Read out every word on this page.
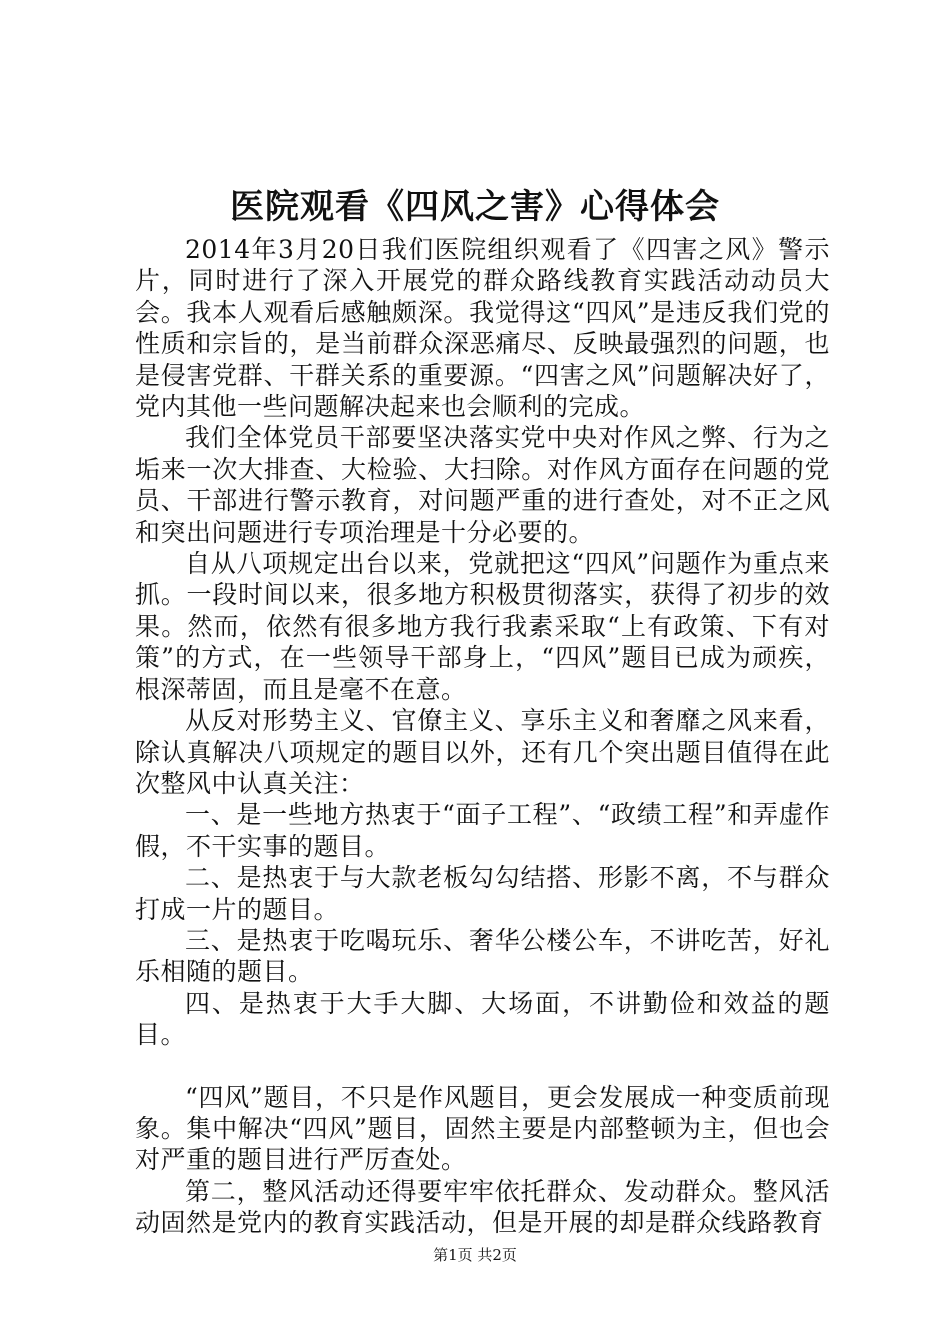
医院观看《四风之害》心得体会

2014年3月20日我们医院组织观看了《四害之风》警示片，同时进行了深入开展党的群众路线教育实践活动动员大会。我本人观看后感触颇深。我觉得这“四风”是违反我们党的性质和宗旨的，是当前群众深恶痛尽、反映最强烈的问题，也是侵害党群、干群关系的重要源。“四害之风”问题解决好了，党内其他一些问题解决起来也会顺利的完成。

我们全体党员干部要坚决落实党中央对作风之弊、行为之垢来一次大排查、大检验、大扫除。对作风方面存在问题的党员、干部进行警示教育，对问题严重的进行查处，对不正之风和突出问题进行专项治理是十分必要的。

自从八项规定出台以来，党就把这“四风”问题作为重点来抓。一段时间以来，很多地方积极贯彻落实，获得了初步的效果。然而，依然有很多地方我行我素采取“上有政策、下有对策”的方式，在一些领导干部身上，“四风”题目已成为顽疾，根深蒂固，而且是毫不在意。

从反对形势主义、官僚主义、享乐主义和奢靡之风来看，除认真解决八项规定的题目以外，还有几个突出题目值得在此次整风中认真关注：

一、是一些地方热衷于“面子工程”、“政绩工程”和弄虚作假，不干实事的题目。

二、是热衷于与大款老板勾勾结搭、形影不离，不与群众打成一片的题目。

三、是热衷于吃喝玩乐、奢华公楼公车，不讲吃苦，好礼乐相随的题目。

四、是热衷于大手大脚、大场面，不讲勤俭和效益的题目。

“四风”题目，不只是作风题目，更会发展成一种变质前现象。集中解决“四风”题目，固然主要是内部整顿为主，但也会对严重的题目进行严厉查处。

第二，整风活动还得要牢牢依托群众、发动群众。整风活动固然是党内的教育实践活动，但是开展的却是群众线路教育

第1页 共2页
